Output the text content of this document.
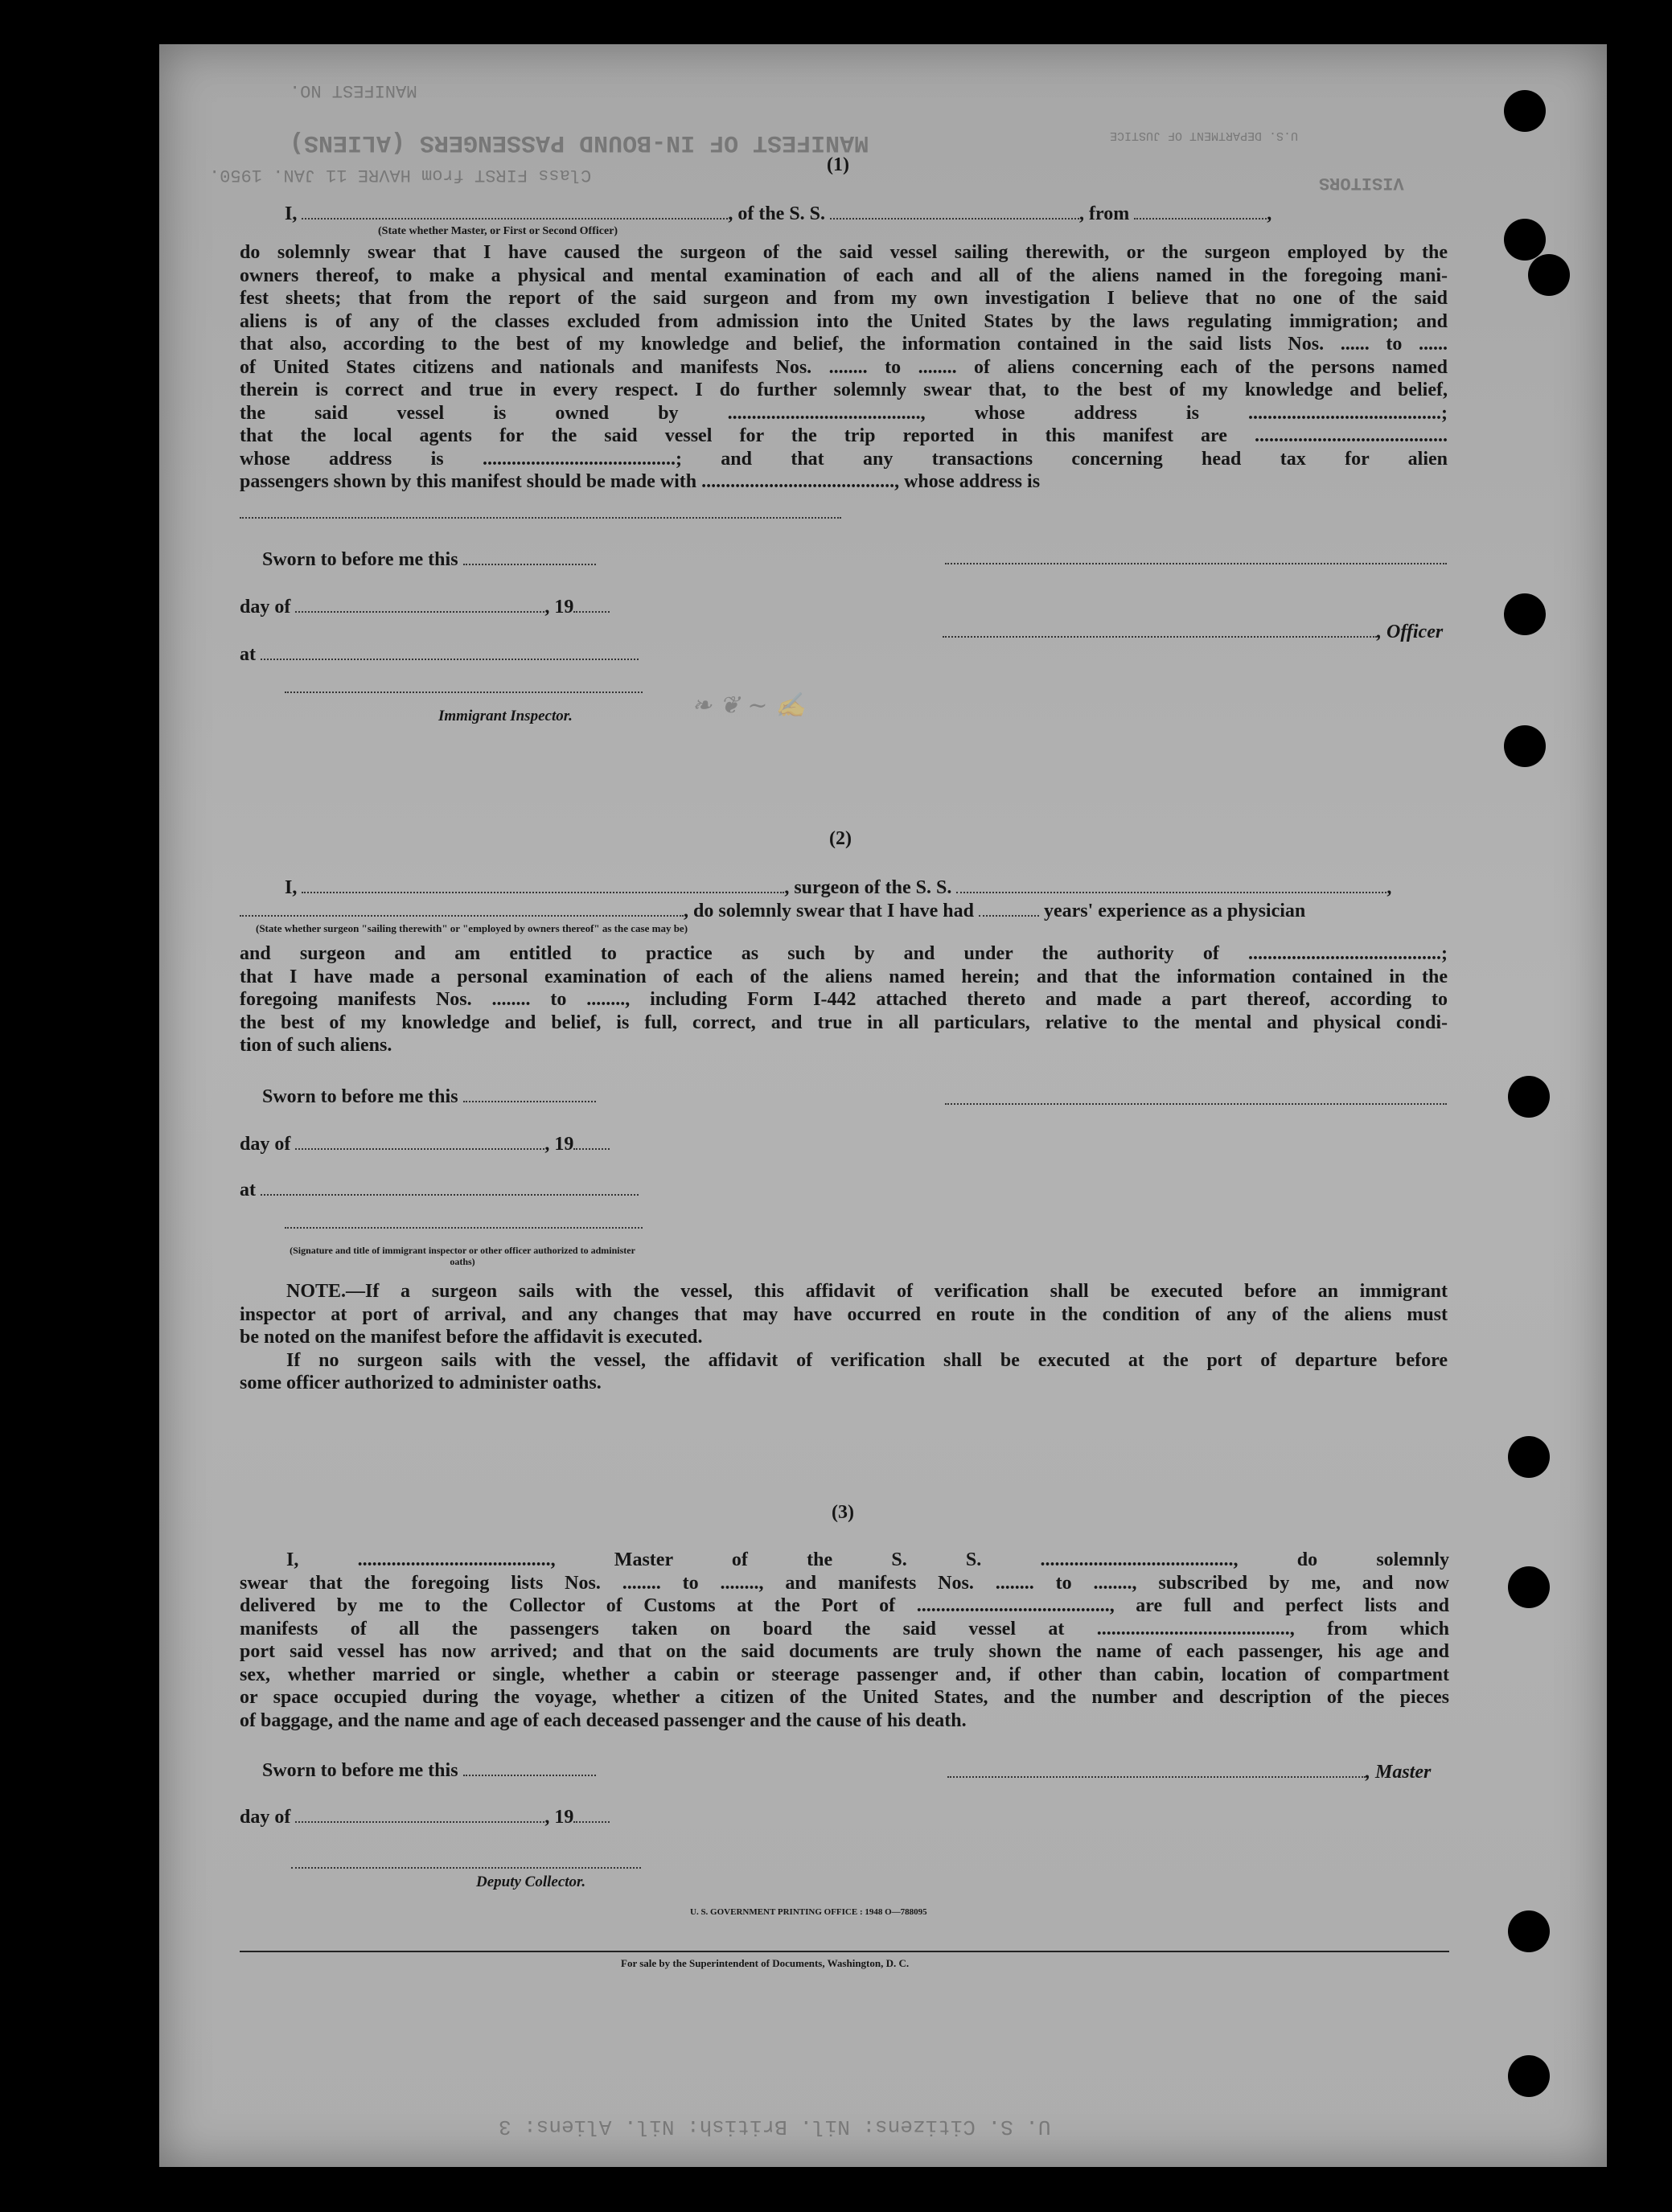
MANIFEST NO.
MANIFEST OF IN-BOUND PASSENGERS (ALIENS)
Class FIRST from HAVRE 11 JAN. 1950.	VISITORS
U.S. DEPARTMENT OF JUSTICE
U. S. Citizens: Nil. British: Nil. Aliens: 3
❧ ❦ ~ ✍
(1)
I,	, of the S. S.	, from	,
(State whether Master, or First or Second Officer)
do solemnly swear that I have caused the surgeon of the said vessel sailing therewith, or the surgeon employed by the
owners thereof, to make a physical and mental examination of each and all of the aliens named in the foregoing mani-
fest sheets; that from the report of the said surgeon and from my own investigation I believe that no one of the said
aliens is of any of the classes excluded from admission into the United States by the laws regulating immigration; and
that also, according to the best of my knowledge and belief, the information contained in the said lists Nos. ...... to ......
of United States citizens and nationals and manifests Nos. ........ to ........ of aliens concerning each of the persons named
therein is correct and true in every respect. I do further solemnly swear that, to the best of my knowledge and belief,
the said vessel is owned by ........................................, whose address is ........................................;
that the local agents for the said vessel for the trip reported in this manifest are ........................................
whose address is ........................................; and that any transactions concerning head tax for alien
passengers shown by this manifest should be made with ........................................, whose address is
Sworn to before me this
day of	, 19
, Officer
at
Immigrant Inspector.
(2)
I,	, surgeon of the S. S.	,
, do solemnly swear that I have had	years' experience as a physician
(State whether surgeon "sailing therewith" or "employed by owners thereof" as the case may be)
and surgeon and am entitled to practice as such by and under the authority of ........................................;
that I have made a personal examination of each of the aliens named herein; and that the information contained in the
foregoing manifests Nos. ........ to ........, including Form I-442 attached thereto and made a part thereof, according to
the best of my knowledge and belief, is full, correct, and true in all particulars, relative to the mental and physical condi-
tion of such aliens.
Sworn to before me this
day of	, 19
at
(Signature and title of immigrant inspector or other officer authorized to administer oaths)
NOTE.—If a surgeon sails with the vessel, this affidavit of verification shall be executed before an immigrant
inspector at port of arrival, and any changes that may have occurred en route in the condition of any of the aliens must
be noted on the manifest before the affidavit is executed.
If no surgeon sails with the vessel, the affidavit of verification shall be executed at the port of departure before
some officer authorized to administer oaths.
(3)
I, ........................................, Master of the S. S. ........................................, do solemnly
swear that the foregoing lists Nos. ........ to ........, and manifests Nos. ........ to ........, subscribed by me, and now
delivered by me to the Collector of Customs at the Port of ........................................, are full and perfect lists and
manifests of all the passengers taken on board the said vessel at ........................................, from which
port said vessel has now arrived; and that on the said documents are truly shown the name of each passenger, his age and
sex, whether married or single, whether a cabin or steerage passenger and, if other than cabin, location of compartment
or space occupied during the voyage, whether a citizen of the United States, and the number and description of the pieces
of baggage, and the name and age of each deceased passenger and the cause of his death.
Sworn to before me this	, Master
day of	, 19
Deputy Collector.
U. S. GOVERNMENT PRINTING OFFICE : 1948 O—788095
For sale by the Superintendent of Documents, Washington, D. C.
